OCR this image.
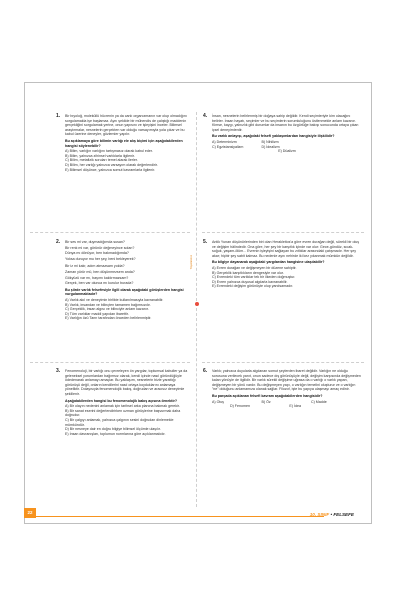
Yayınlarımız
1. Bir bıyoloğ, moleküllü hücrenin ya da canlı organızmanın var olup olmadığını sorgulamakla işe başlamaz. Aynı şekilde bir mühendis de çalıştığı maddenin gerçekliğini sorgulamak yerine, onun yapısını ve işleyişini inceler. Bilimsel araştırmalar, nesnelerin gerçekten var olduğu varsayımıyla yola çıkar ve bu kabul üzerine deneyler, gözlemler yapılır.

Bu açıklamaya göre bilimin varlığı ele alış biçimi için aşağıdakilerden hangisi söylenebilir?

A) Bilim, varlığın varlığını tartışmasız olarak kabul eder.

B) Bilim, yalnızca zihinsel varlıklarla ilgilenir.

C) Bilim, metafizik soruları temel alarak ilerler.

D) Bilim, her varlığı yalnızca varsayım olarak değerlendirir.

E) Bilimsel düşünce, yalnızca somut kavramlarla ilgilenir.

2. Bir ses mi var, duymadığımda susan?

Bir renk mi var, görünür değmeyince solan?

Dünya mı dönüyor, ben bakmadığımda?

Yoksa duruyor mu her şey, beni bekleyerek?

Bir iz mi kalır, adım atmazsam yolda?

Zaman yürür mü, ben düşünmezsem anda?

Gökyüzü var mı, başımı kaldırmazsam?

Gerçek, ben var olunca mı kurulur burada?

Bu şiirde varlık felsefesiyle ilgili olarak aşağıdaki görüşlerden hangisi vurgulanmaktadır?

A) Varlık akıl ve deneyimin birlikte kullanılmasıyla kavranabilir.

B) Varlık, insandan ve bilinçten tamamen bağımsızdır.

C) Gerçeklik, insan algısı ve bilinciyle anlam kazanır.

D) Tüm varlıklar maddi yapıdan ibarettir.

E) Varlığın özü Tanrı tarafından önceden belirlenmiştir.

3. Fenomenoloji, bir varlığı onu çevreleyen ön yargılar, toplumsal kabuller ya da geleneksel yorumlardan bağımsız olarak, kendi içinde nasıl göründüğüyle ödedenarak anlamayı amaçlar. Bu yaklaşım, nesnelerin bizle yarattığı görünüşü değil, onların kendilerini nasıl ortaya koyduklarını anlamaya yöneliktir. Dolayısıyla fenomenolojik bakış, doğrudan ve aracısız deneyimle şekillenir.

Aşağıdakilerden hangisi bu fenomenolojik bakış açısına örnektir?

A) Bir olayın nedenini anlamak için tarihsel arka planına bakmak gerekir.

B) Bir sanat eserini değerlendirirken uzman görüşlerine başvurmak daha doğrudur.

C) Bir çalgıyı anlamak, yalnızca çalgının sesini doğrudan dinlemekle mümkündür.

D) Bir nesneye dair en doğru bilgiye bilimsel ölçümle ulaşılır.

E) İnsan davranışları, toplumun normlarına göre açıklanmalıdır.

4. İnsan, nesnelerin belirlenmiş bir doğaya sahip değildir. Kendi seçimleriyle kim olacağını belirler. İnsan hayatı, seçimler ve bu seçimlerin sorumluluğunu üstlenmekle anlam kazanır. Kimse, kaygı, yalnızlık gibi durumlar da insanın bu özgürlüğe bakışı sonucunda ortaya çıkan içsel deneyimlerdir.

Bu varlık anlayışı, aşağıdaki felsefi yaklaşımlardan hangisiyle ilişkilidir?

A) Determinizm	B) Nihilizm
C) Egzistansiyalizm	D) İdealizm

E) Düalizm

5. Antik Yunan düşünürlerinden biri olan Herakleitos'a göre evren durağan değil, sürekli bir oluş ve değişim hâlindedir. Ona göre, her şey bir karşıtlık içinde var olur: Gece-gündüz, sıcak-soğuk, yaşam-ölüm... Evrenin işleyişini sağlayan bu zıtlıklar arasındaki çatışmadır. Her şey akar; hiçbir şey sabit kalmaz. Bu nedenle aynı nehirde iki kez yıkanmak mümkün değildir.

Bu bilgiye dayanarak aşağıdaki yargılardan hangisine ulaşılabilir?

A) Evren durağan ve değişmeyen bir düzene sahiptir.

B) Gerçeklik karşıtlıkların dengesiyle var olur.

C) Evrendeki tüm varlıklar tek bir ilkeden doğmuştur.

D) Evren yalnızca duyusal algılarla kavranabilir.

E) Evrendeki değişim görünüşte olup yanılsamadır.

6. Varlık; yalnızca duyularla algılanan somut şeylerden ibaret değildir. Varlığın ne olduğu sorusuna verilecek yanıt, onun sadece dış görünüşüyle değil, değişim karşısında değişmeden kalan yönüyle de ilgilidir. Bir varlık sürekli değişime uğrasa da o varlığı o varlık yapan, değişmeyen bir yönü vardır. Bu değişmeyen yapı, o varlığın temelini oluşturur ve o varlığın "ne" olduğunu anlamamıza olanak sağlar. Filozof, işte bu yapıya ulaşmayı amaç edinir.

Bu parçada açıklanan felsefi kavram aşağıdakilerden hangisidir?

A) Oluş	B) Öz	C) Madde
D) Fenomen	E) İdea
22	10. SINIF • FELSEFE
